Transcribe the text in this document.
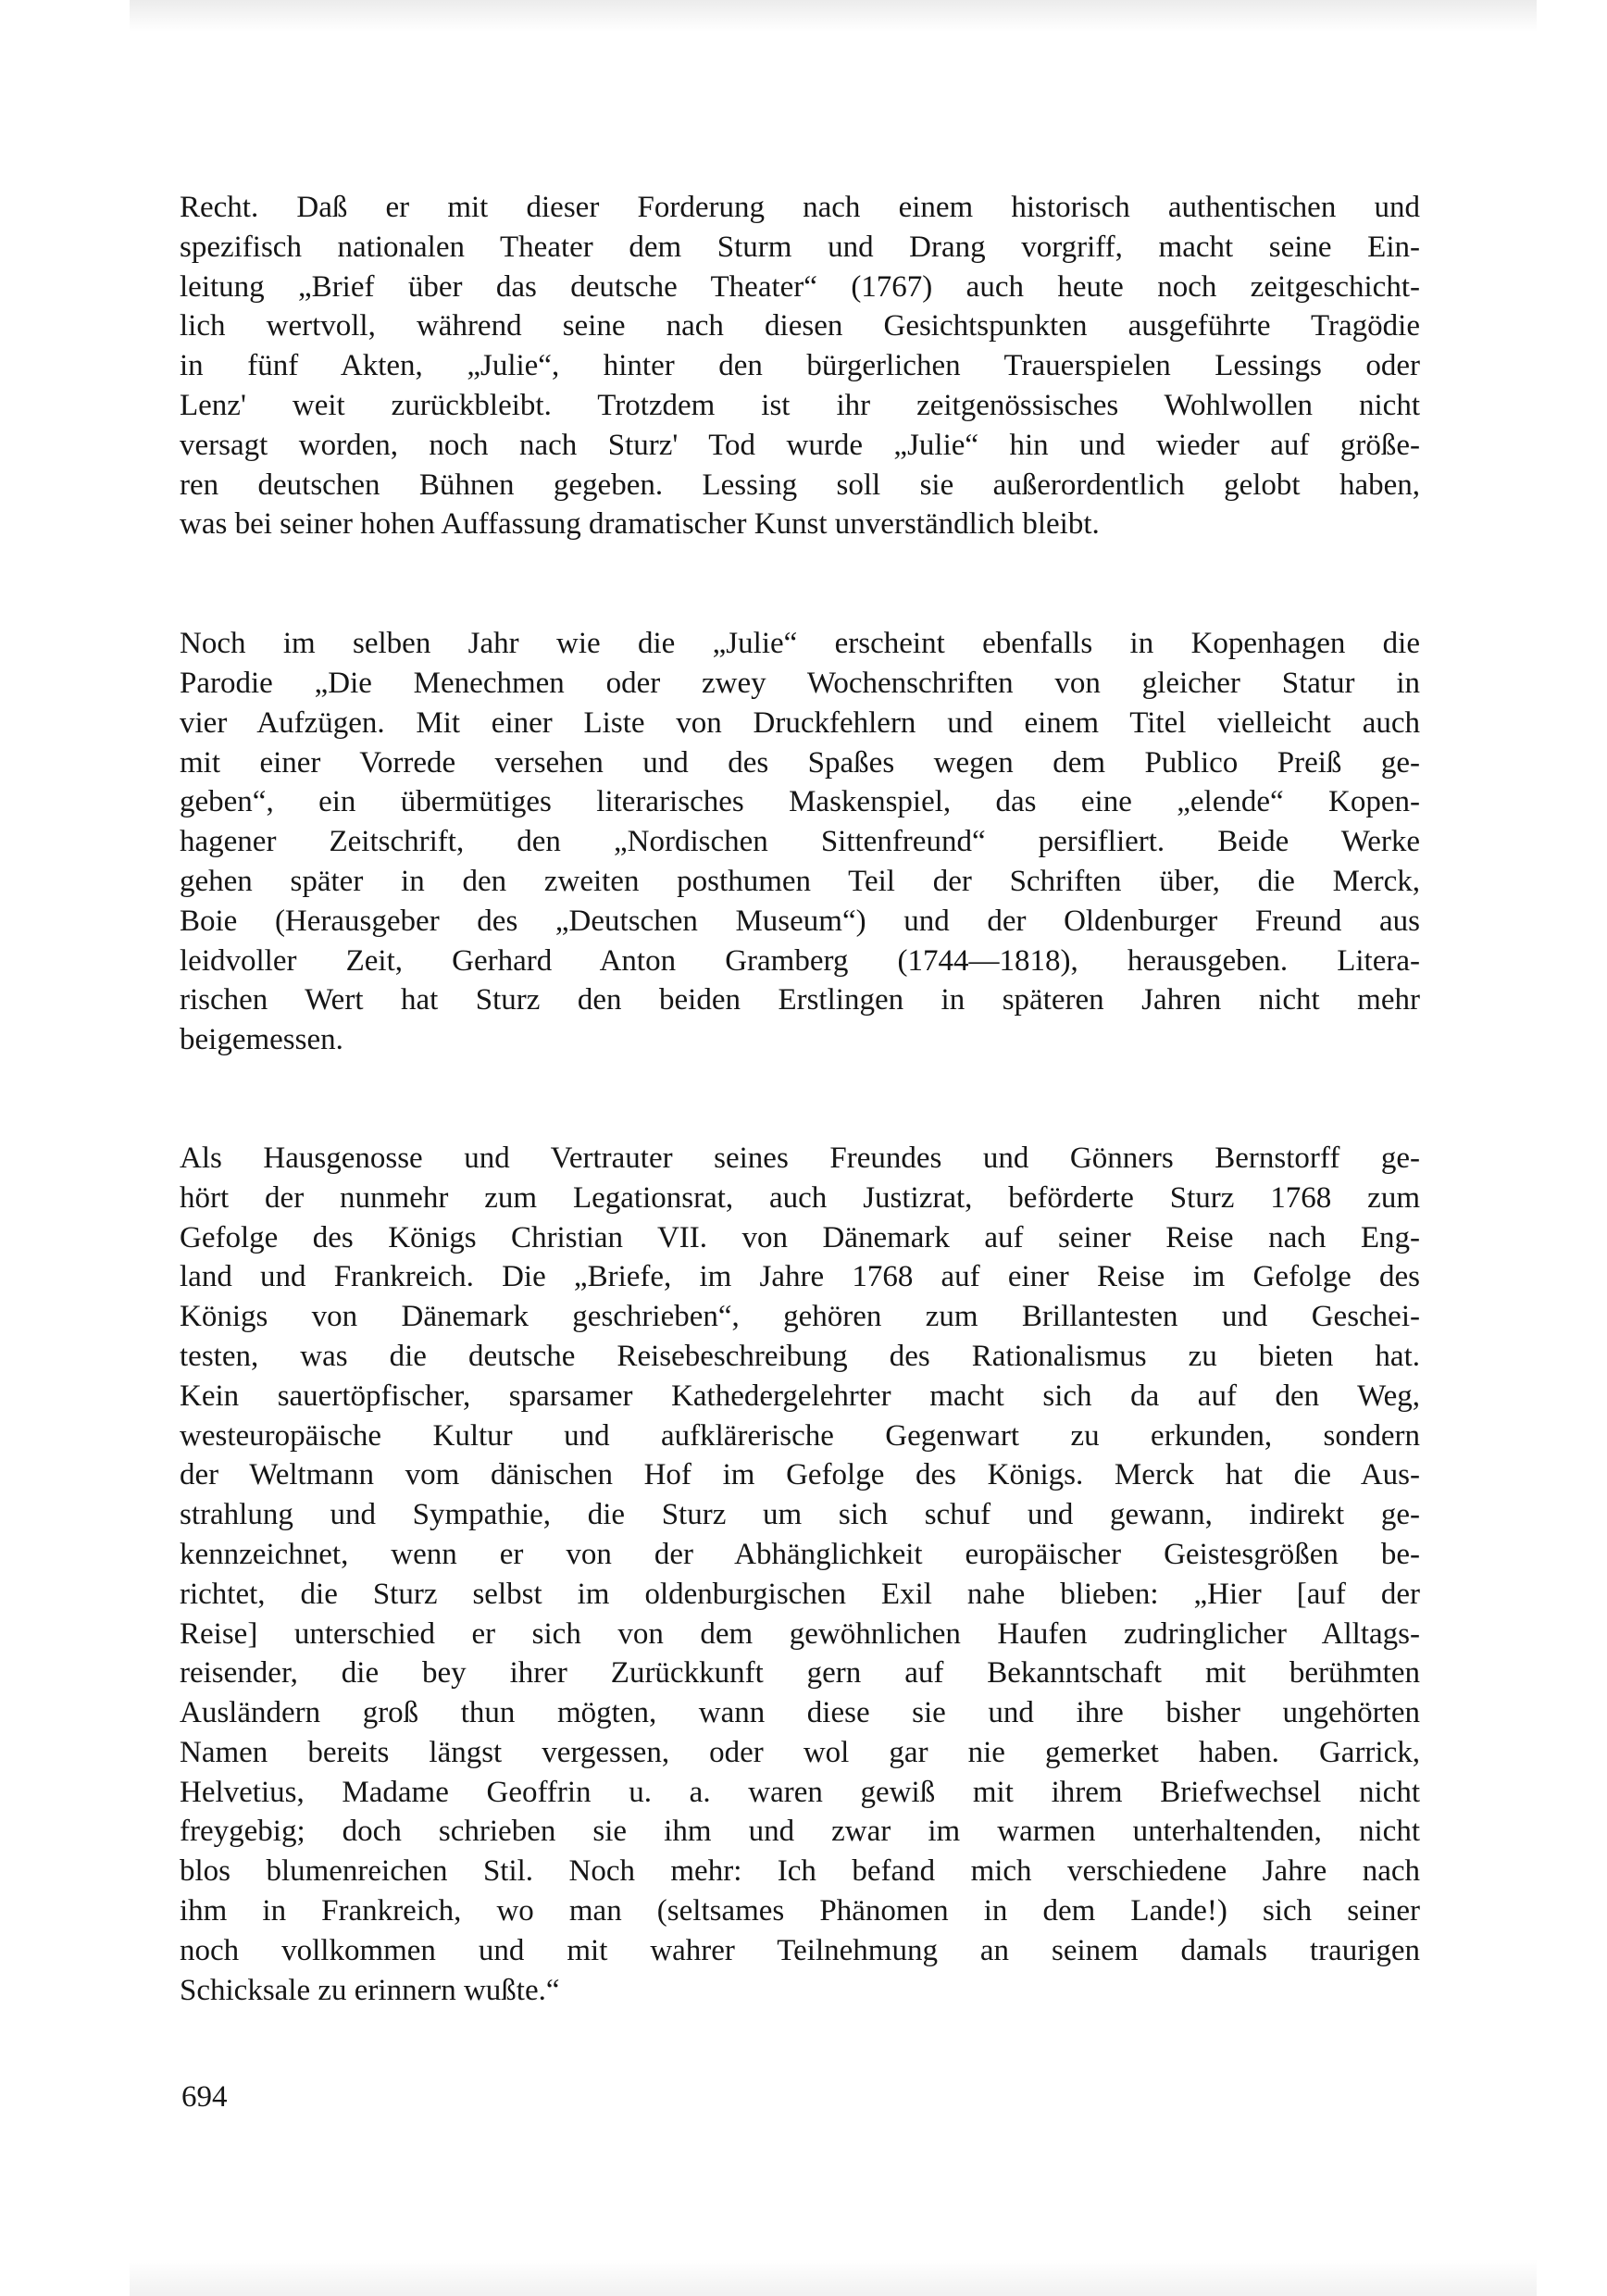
Recht. Daß er mit dieser Forderung nach einem historisch authentischen und
spezifisch nationalen Theater dem Sturm und Drang vorgriff, macht seine Ein-
leitung „Brief über das deutsche Theater“ (1767) auch heute noch zeitgeschicht-
lich wertvoll, während seine nach diesen Gesichtspunkten ausgeführte Tragödie
in fünf Akten, „Julie“, hinter den bürgerlichen Trauerspielen Lessings oder
Lenz' weit zurückbleibt. Trotzdem ist ihr zeitgenössisches Wohlwollen nicht
versagt worden, noch nach Sturz' Tod wurde „Julie“ hin und wieder auf größe-
ren deutschen Bühnen gegeben. Lessing soll sie außerordentlich gelobt haben,
was bei seiner hohen Auffassung dramatischer Kunst unverständlich bleibt.

Noch im selben Jahr wie die „Julie“ erscheint ebenfalls in Kopenhagen die
Parodie „Die Menechmen oder zwey Wochenschriften von gleicher Statur in
vier Aufzügen. Mit einer Liste von Druckfehlern und einem Titel vielleicht auch
mit einer Vorrede versehen und des Spaßes wegen dem Publico Preiß ge-
geben“, ein übermütiges literarisches Maskenspiel, das eine „elende“ Kopen-
hagener Zeitschrift, den „Nordischen Sittenfreund“ persifliert. Beide Werke
gehen später in den zweiten posthumen Teil der Schriften über, die Merck,
Boie (Herausgeber des „Deutschen Museum“) und der Oldenburger Freund aus
leidvoller Zeit, Gerhard Anton Gramberg (1744—1818), herausgeben. Litera-
rischen Wert hat Sturz den beiden Erstlingen in späteren Jahren nicht mehr
beigemessen.

Als Hausgenosse und Vertrauter seines Freundes und Gönners Bernstorff ge-
hört der nunmehr zum Legationsrat, auch Justizrat, beförderte Sturz 1768 zum
Gefolge des Königs Christian VII. von Dänemark auf seiner Reise nach Eng-
land und Frankreich. Die „Briefe, im Jahre 1768 auf einer Reise im Gefolge des
Königs von Dänemark geschrieben“, gehören zum Brillantesten und Geschei-
testen, was die deutsche Reisebeschreibung des Rationalismus zu bieten hat.
Kein sauertöpfischer, sparsamer Kathedergelehrter macht sich da auf den Weg,
westeuropäische Kultur und aufklärerische Gegenwart zu erkunden, sondern
der Weltmann vom dänischen Hof im Gefolge des Königs. Merck hat die Aus-
strahlung und Sympathie, die Sturz um sich schuf und gewann, indirekt ge-
kennzeichnet, wenn er von der Abhänglichkeit europäischer Geistesgrößen be-
richtet, die Sturz selbst im oldenburgischen Exil nahe blieben: „Hier [auf der
Reise] unterschied er sich von dem gewöhnlichen Haufen zudringlicher Alltags-
reisender, die bey ihrer Zurückkunft gern auf Bekanntschaft mit berühmten
Ausländern groß thun mögten, wann diese sie und ihre bisher ungehörten
Namen bereits längst vergessen, oder wol gar nie gemerket haben. Garrick,
Helvetius, Madame Geoffrin u. a. waren gewiß mit ihrem Briefwechsel nicht
freygebig; doch schrieben sie ihm und zwar im warmen unterhaltenden, nicht
blos blumenreichen Stil. Noch mehr: Ich befand mich verschiedene Jahre nach
ihm in Frankreich, wo man (seltsames Phänomen in dem Lande!) sich seiner
noch vollkommen und mit wahrer Teilnehmung an seinem damals traurigen
Schicksale zu erinnern wußte.“

694
